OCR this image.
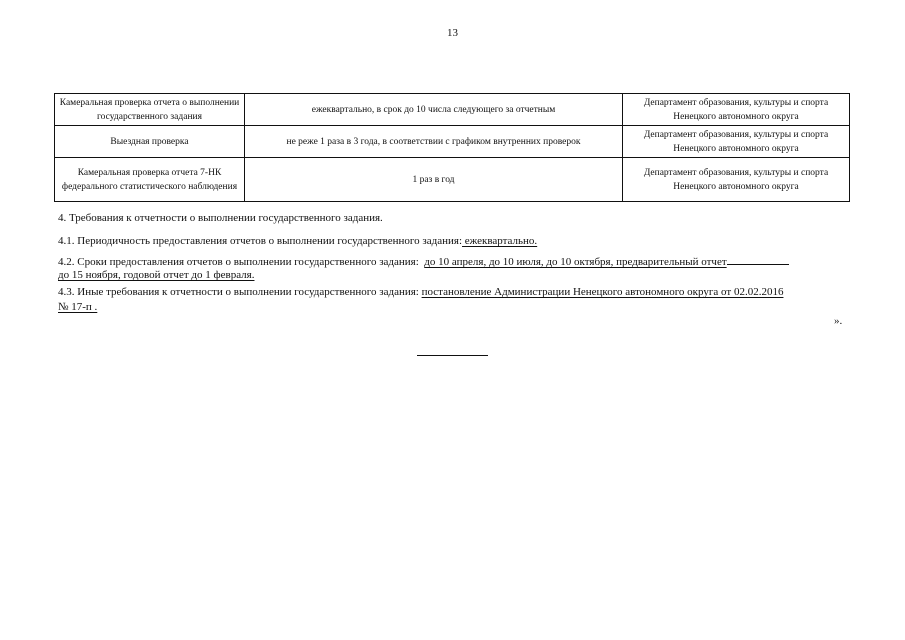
13
Камеральная проверка отчета о выполнении государственного задания	ежеквартально, в срок до 10 числа следующего за отчетным	Департамент образования, культуры и спорта Ненецкого автономного округа
Выездная проверка	не реже 1 раза в 3 года, в соответствии с графиком внутренних проверок	Департамент образования, культуры и спорта Ненецкого автономного округа
Камеральная проверка отчета 7-НК федерального статистического наблюдения	1 раз в год	Департамент образования, культуры и спорта Ненецкого автономного округа
4. Требования к отчетности о выполнении государственного задания.
4.1. Периодичность предоставления отчетов о выполнении государственного задания: ежеквартально.
4.2. Сроки предоставления отчетов о выполнении государственного задания: до 10 апреля, до 10 июля, до 10 октября, предварительный отчет
до 15 ноября, годовой отчет до 1 февраля.
4.3. Иные требования к отчетности о выполнении государственного задания: постановление Администрации Ненецкого автономного округа от 02.02.2016
№ 17-п .
».
